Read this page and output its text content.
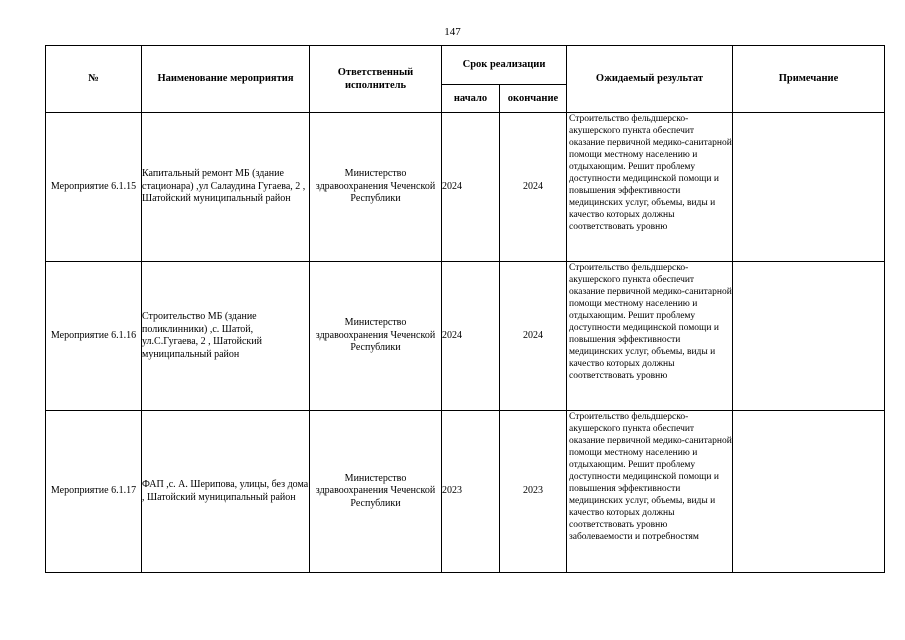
147
№	Наименование мероприятия	Ответственный исполнитель	Срок реализации		Ожидаемый результат	Примечание
			начало	окончание		
Мероприятие 6.1.15	Капитальный ремонт МБ (здание стационара) ,ул Салаудина Гугаева, 2 , Шатойский муниципальный район	Министерство здравоохранения Чеченской Республики	2024	2024	Строительство фельдшерско-акушерского пункта обеспечит оказание первичной медико-санитарной помощи местному населению и отдыхающим. Решит проблему доступности медицинской помощи и повышения эффективности медицинских услуг, объемы, виды и качество которых должны соответствовать уровню	

Мероприятие 6.1.16	Строительство МБ (здание поликлинники) ,с. Шатой, ул.С.Гугаева, 2 , Шатойский муниципальный район	Министерство здравоохранения Чеченской Республики	2024	2024	Строительство фельдшерско-акушерского пункта обеспечит оказание первичной медико-санитарной помощи местному населению и отдыхающим. Решит проблему доступности медицинской помощи и повышения эффективности медицинских услуг, объемы, виды и качество которых должны соответствовать уровню	

Мероприятие 6.1.17	ФАП ,с. А. Шерипова, улицы, без дома , Шатойский муниципальный район	Министерство здравоохранения Чеченской Республики	2023	2023	Строительство фельдшерско-акушерского пункта обеспечит оказание первичной медико-санитарной помощи местному населению и отдыхающим. Решит проблему доступности медицинской помощи и повышения эффективности медицинских услуг, объемы, виды и качество которых должны соответствовать уровню заболеваемости и потребностям	
